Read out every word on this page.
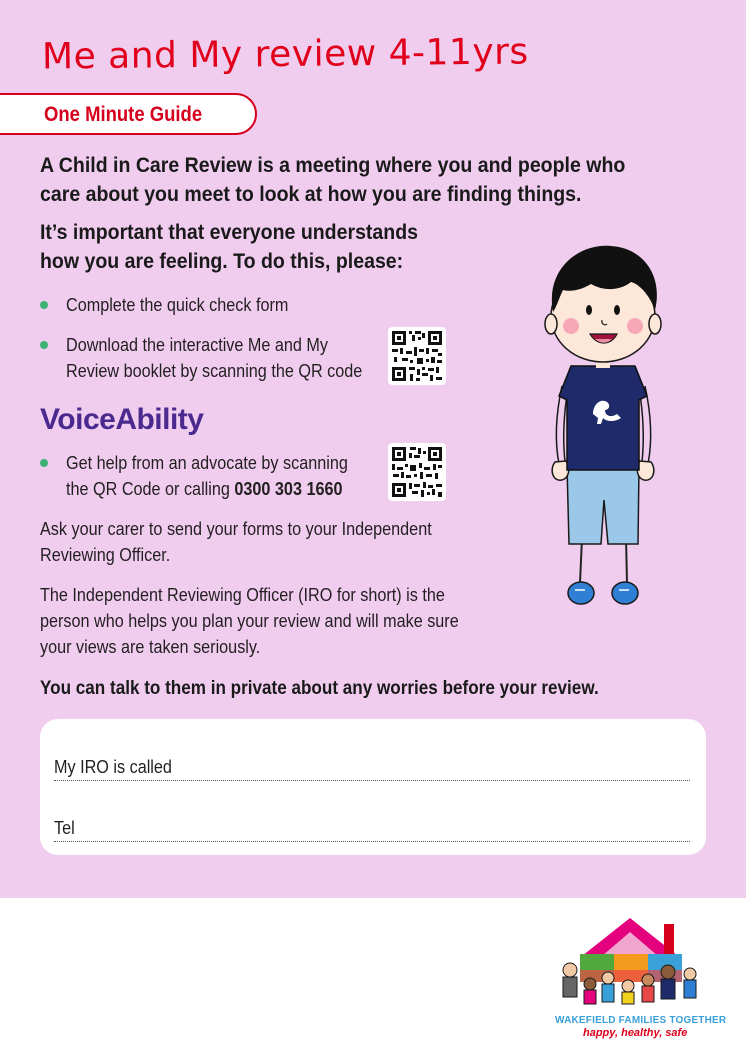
Me and My review 4-11yrs
One Minute Guide
A Child in Care Review is a meeting where you and people who
care about you meet to look at how you are finding things.
It’s important that everyone understands
how you are feeling. To do this, please:
Complete the quick check form
Download the interactive Me and My
Review booklet by scanning the QR code
VoiceAbility
Get help from an advocate by scanning
the QR Code or calling 0300 303 1660
Ask your carer to send your forms to your Independent
Reviewing Officer.
The Independent Reviewing Officer (IRO for short) is the
person who helps you plan your review and will make sure
your views are taken seriously.
You can talk to them in private about any worries before your review.
My IRO is called
Tel
WAKEFIELD FAMILIES TOGETHER
happy, healthy, safe
